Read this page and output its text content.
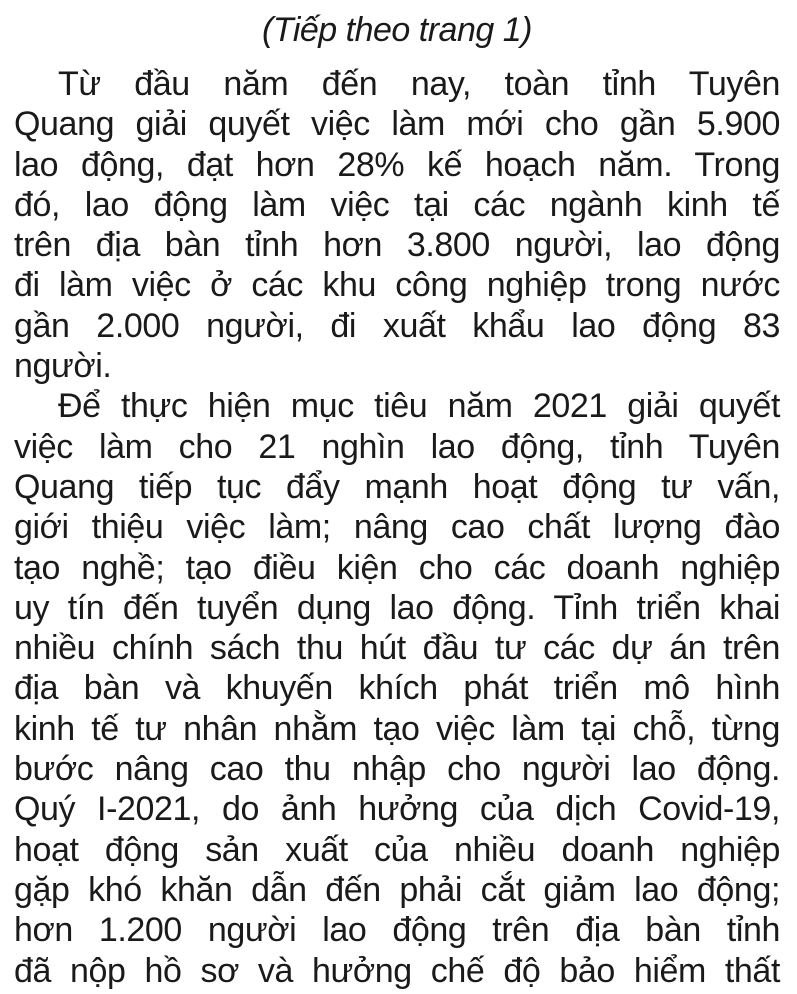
(Tiếp theo trang 1)

Từ đầu năm đến nay, toàn tỉnh Tuyên
Quang giải quyết việc làm mới cho gần 5.900
lao động, đạt hơn 28% kế hoạch năm. Trong
đó, lao động làm việc tại các ngành kinh tế
trên địa bàn tỉnh hơn 3.800 người, lao động
đi làm việc ở các khu công nghiệp trong nước
gần 2.000 người, đi xuất khẩu lao động 83
người.

Để thực hiện mục tiêu năm 2021 giải quyết
việc làm cho 21 nghìn lao động, tỉnh Tuyên
Quang tiếp tục đẩy mạnh hoạt động tư vấn,
giới thiệu việc làm; nâng cao chất lượng đào
tạo nghề; tạo điều kiện cho các doanh nghiệp
uy tín đến tuyển dụng lao động. Tỉnh triển khai
nhiều chính sách thu hút đầu tư các dự án trên
địa bàn và khuyến khích phát triển mô hình
kinh tế tư nhân nhằm tạo việc làm tại chỗ, từng
bước nâng cao thu nhập cho người lao động.
Quý I-2021, do ảnh hưởng của dịch Covid-19,
hoạt động sản xuất của nhiều doanh nghiệp
gặp khó khăn dẫn đến phải cắt giảm lao động;
hơn 1.200 người lao động trên địa bàn tỉnh
đã nộp hồ sơ và hưởng chế độ bảo hiểm thất
